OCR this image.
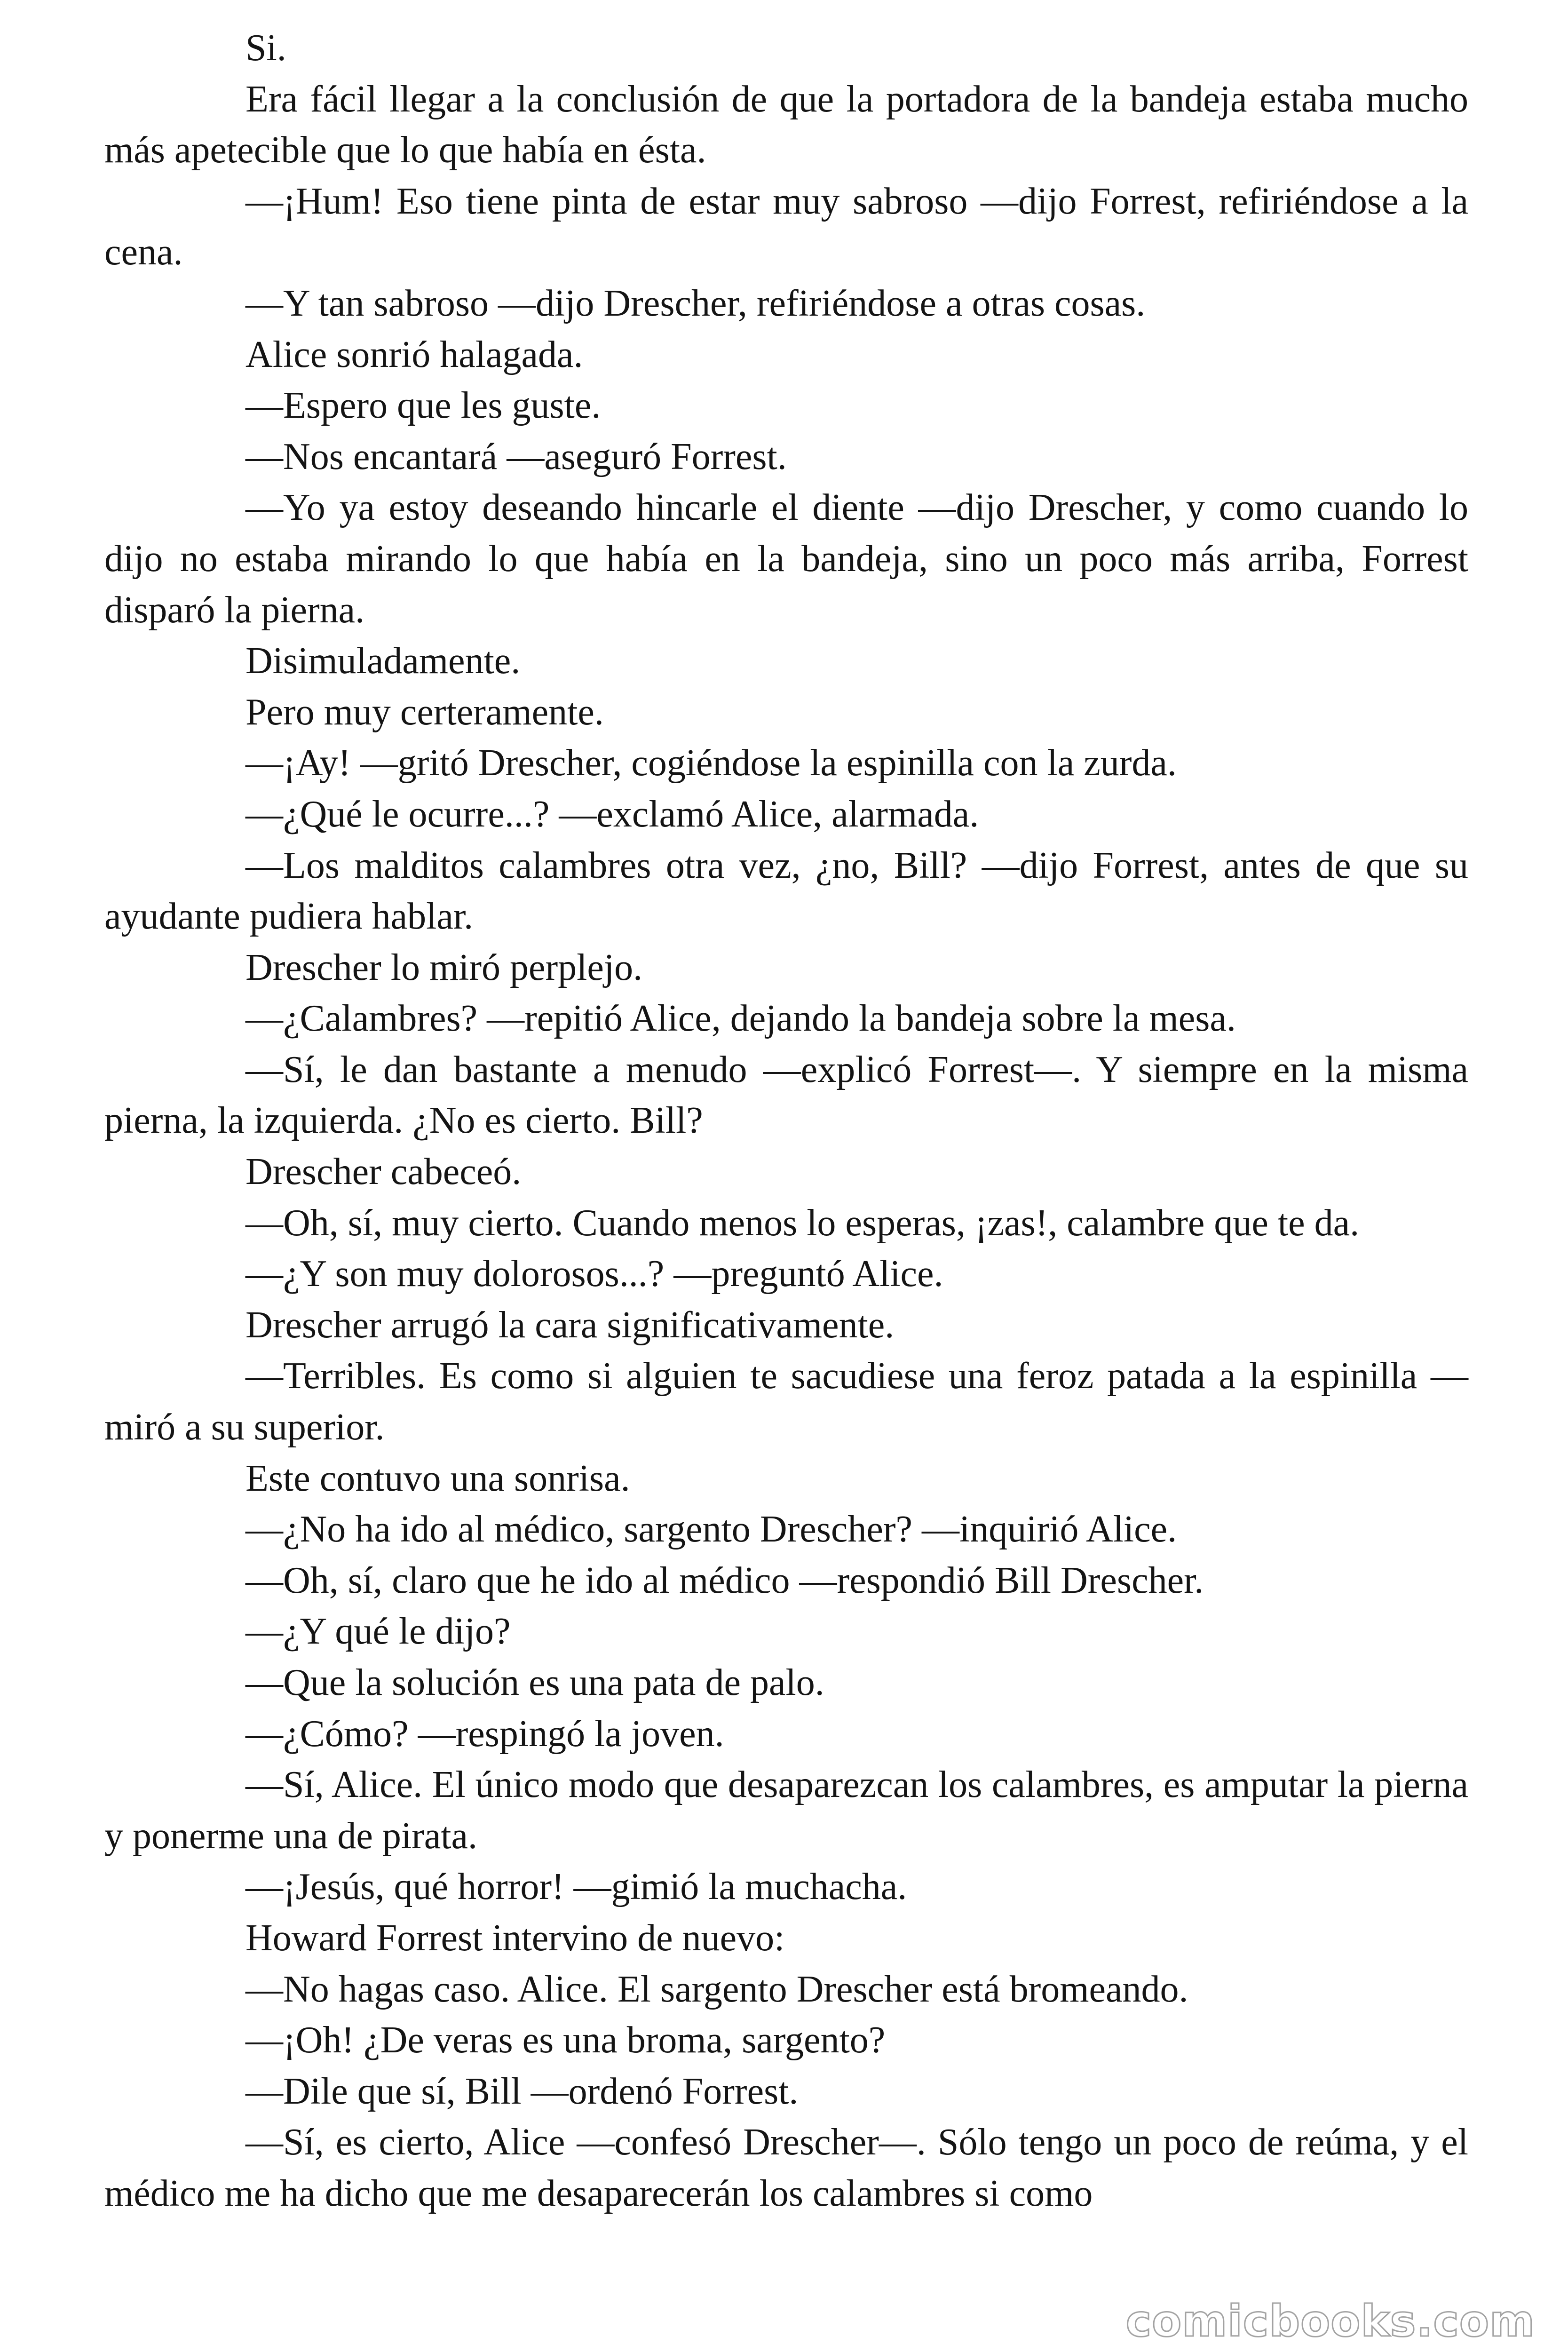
Si.

Era fácil llegar a la conclusión de que la portadora de la bandeja estaba mucho más apetecible que lo que había en ésta.

—¡Hum! Eso tiene pinta de estar muy sabroso —dijo Forrest, refiriéndose a la cena.

—Y tan sabroso —dijo Drescher, refiriéndose a otras cosas.

Alice sonrió halagada.

—Espero que les guste.

—Nos encantará —aseguró Forrest.

—Yo ya estoy deseando hincarle el diente —dijo Drescher, y como cuando lo dijo no estaba mirando lo que había en la bandeja, sino un poco más arriba, Forrest disparó la pierna.

Disimuladamente.

Pero muy certeramente.

—¡Ay! —gritó Drescher, cogiéndose la espinilla con la zurda.

—¿Qué le ocurre...? —exclamó Alice, alarmada.

—Los malditos calambres otra vez, ¿no, Bill? —dijo Forrest, antes de que su ayudante pudiera hablar.

Drescher lo miró perplejo.

—¿Calambres? —repitió Alice, dejando la bandeja sobre la mesa.

—Sí, le dan bastante a menudo —explicó Forrest—. Y siempre en la misma pierna, la izquierda. ¿No es cierto. Bill?

Drescher cabeceó.

—Oh, sí, muy cierto. Cuando menos lo esperas, ¡zas!, calambre que te da.

—¿Y son muy dolorosos...? —preguntó Alice.

Drescher arrugó la cara significativamente.

—Terribles. Es como si alguien te sacudiese una feroz patada a la espinilla —miró a su superior.

Este contuvo una sonrisa.

—¿No ha ido al médico, sargento Drescher? —inquirió Alice.

—Oh, sí, claro que he ido al médico —respondió Bill Drescher.

—¿Y qué le dijo?

—Que la solución es una pata de palo.

—¿Cómo? —respingó la joven.

—Sí, Alice. El único modo que desaparezcan los calambres, es amputar la pierna y ponerme una de pirata.

—¡Jesús, qué horror! —gimió la muchacha.

Howard Forrest intervino de nuevo:

—No hagas caso. Alice. El sargento Drescher está bromeando.

—¡Oh! ¿De veras es una broma, sargento?

—Dile que sí, Bill —ordenó Forrest.

—Sí, es cierto, Alice —confesó Drescher—. Sólo tengo un poco de reúma, y el médico me ha dicho que me desaparecerán los calambres si como

comicbooks.com
